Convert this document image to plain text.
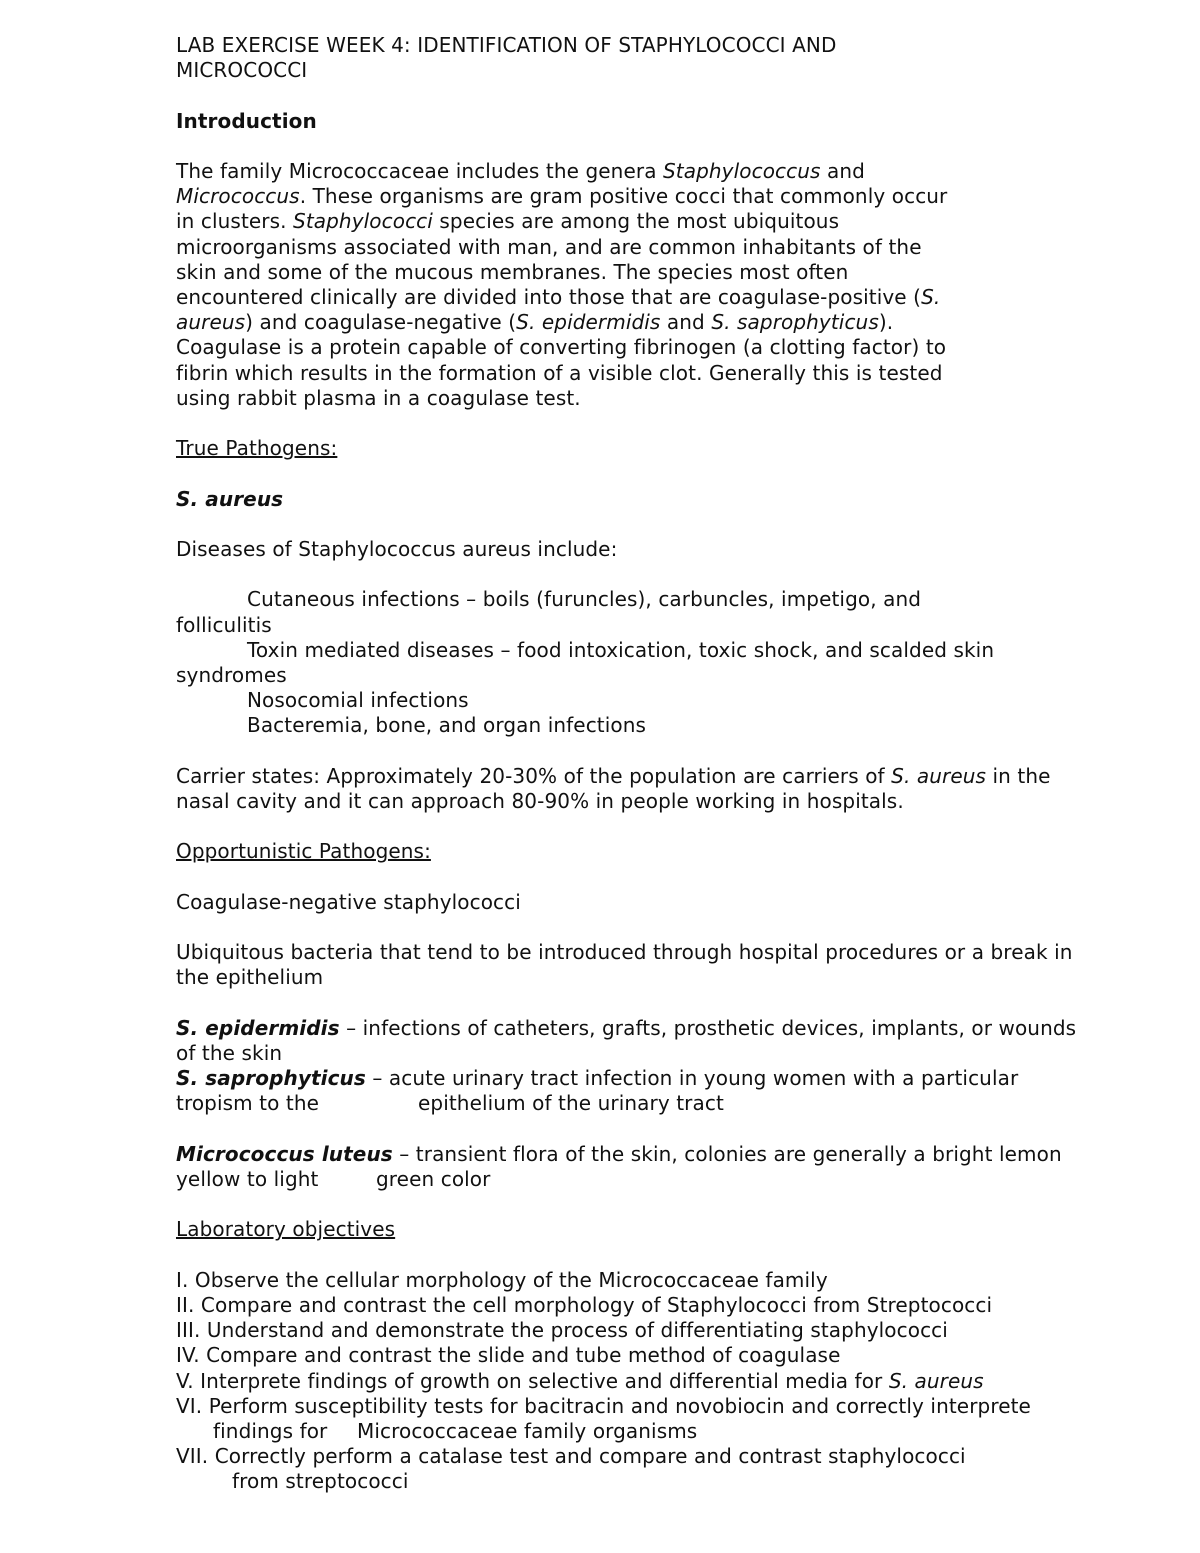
LAB EXERCISE WEEK 4: IDENTIFICATION OF STAPHYLOCOCCI AND

MICROCOCCI

Introduction

The family Micrococcaceae includes the genera Staphylococcus and

Micrococcus. These organisms are gram positive cocci that commonly occur

in clusters. Staphylococci species are among the most ubiquitous

microorganisms associated with man, and are common inhabitants of the

skin and some of the mucous membranes. The species most often

encountered clinically are divided into those that are coagulase-positive (S.

aureus) and coagulase-negative (S. epidermidis and S. saprophyticus).

Coagulase is a protein capable of converting fibrinogen (a clotting factor) to

fibrin which results in the formation of a visible clot. Generally this is tested

using rabbit plasma in a coagulase test.

True Pathogens:

S. aureus

Diseases of Staphylococcus aureus include:

Cutaneous infections – boils (furuncles), carbuncles, impetigo, and

folliculitis

Toxin mediated diseases – food intoxication, toxic shock, and scalded skin

syndromes

Nosocomial infections

Bacteremia, bone, and organ infections

Carrier states: Approximately 20-30% of the population are carriers of S. aureus in the

nasal cavity and it can approach 80-90% in people working in hospitals.

Opportunistic Pathogens:

Coagulase-negative staphylococci

Ubiquitous bacteria that tend to be introduced through hospital procedures or a break in

the epithelium

S. epidermidis – infections of catheters, grafts, prosthetic devices, implants, or wounds

of the skin

S. saprophyticus – acute urinary tract infection in young women with a particular

tropism to the	epithelium of the urinary tract

Micrococcus luteus – transient flora of the skin, colonies are generally a bright lemon

yellow to light	green color

Laboratory objectives

I. Observe the cellular morphology of the Micrococcaceae family

II. Compare and contrast the cell morphology of Staphylococci from Streptococci

III. Understand and demonstrate the process of differentiating staphylococci

IV. Compare and contrast the slide and tube method of coagulase

V. Interprete findings of growth on selective and differential media for S. aureus

VI. Perform susceptibility tests for bacitracin and novobiocin and correctly interprete

findings for Micrococcaceae family organisms

VII. Correctly perform a catalase test and compare and contrast staphylococci

from streptococci
